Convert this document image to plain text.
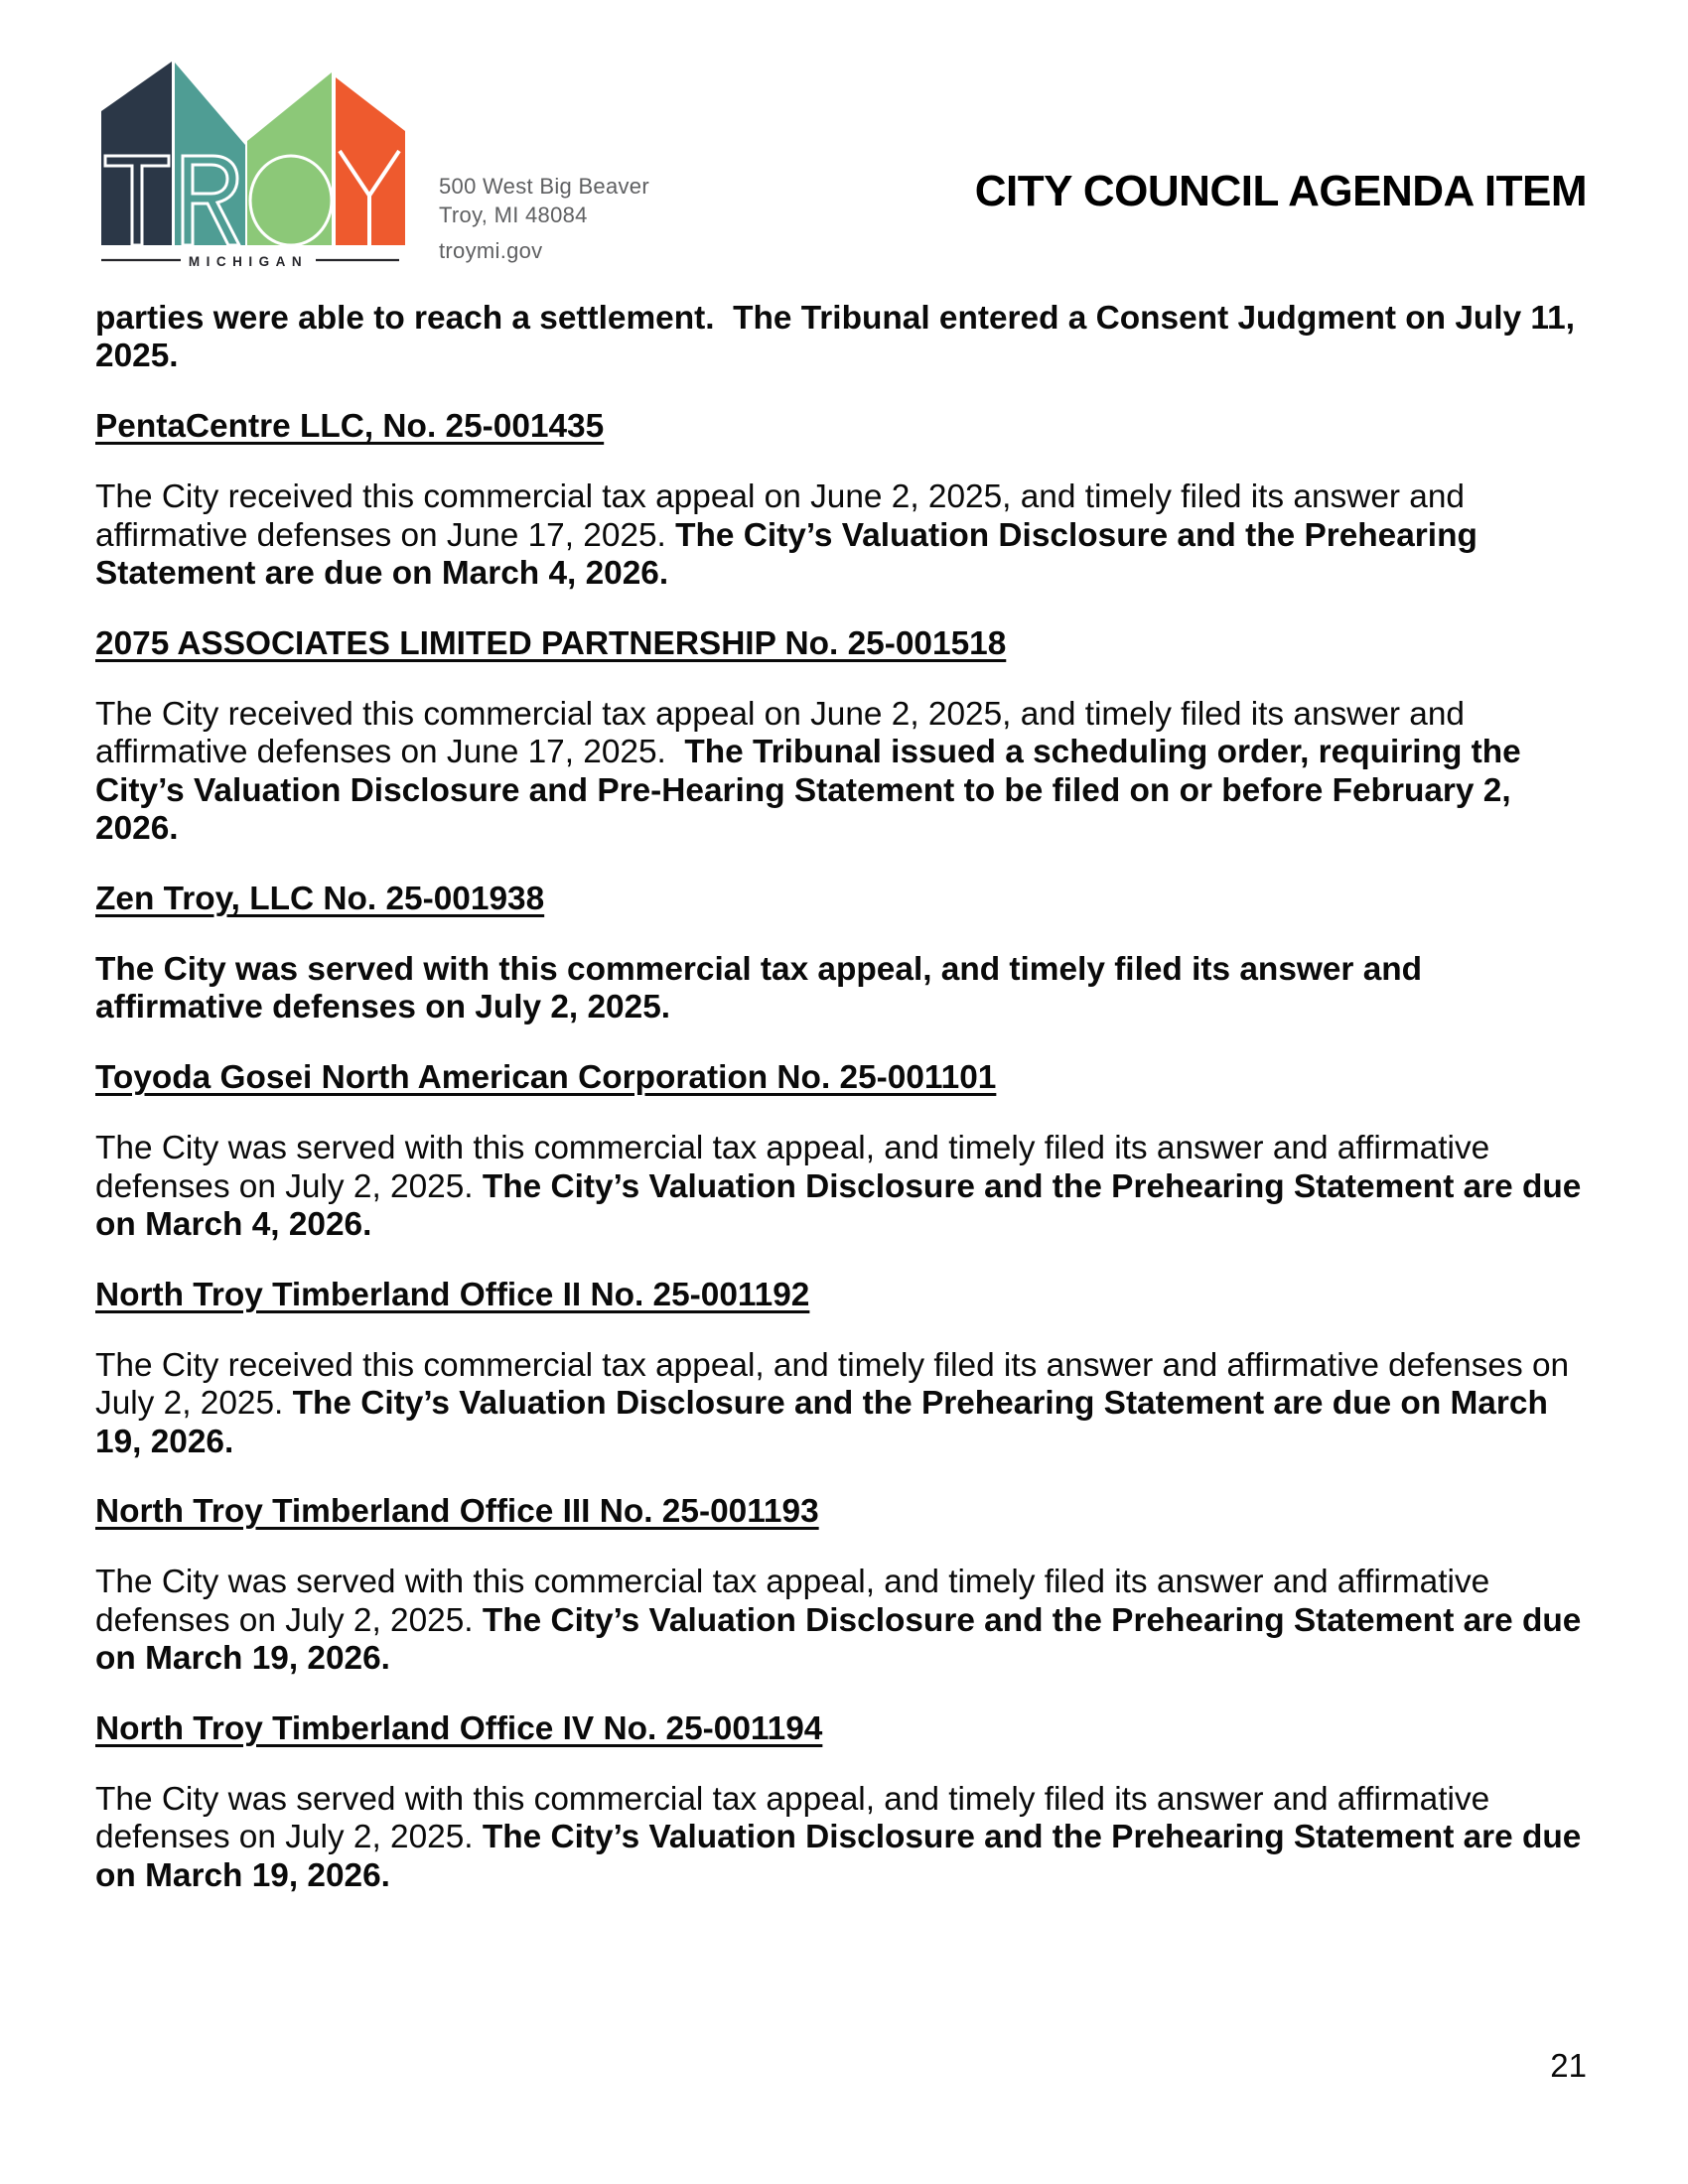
MICHIGAN
500 West Big Beaver
Troy, MI 48084
troymi.gov
CITY COUNCIL AGENDA ITEM
parties were able to reach a settlement.  The Tribunal entered a Consent Judgment on July 11, 2025.
PentaCentre LLC, No. 25-001435
The City received this commercial tax appeal on June 2, 2025, and timely filed its answer and affirmative defenses on June 17, 2025. The City’s Valuation Disclosure and the Prehearing Statement are due on March 4, 2026.
2075 ASSOCIATES LIMITED PARTNERSHIP No. 25-001518
The City received this commercial tax appeal on June 2, 2025, and timely filed its answer and affirmative defenses on June 17, 2025.  The Tribunal issued a scheduling order, requiring the City’s Valuation Disclosure and Pre-Hearing Statement to be filed on or before February 2, 2026.
Zen Troy, LLC No. 25-001938
The City was served with this commercial tax appeal, and timely filed its answer and affirmative defenses on July 2, 2025.
Toyoda Gosei North American Corporation No. 25-001101
The City was served with this commercial tax appeal, and timely filed its answer and affirmative defenses on July 2, 2025. The City’s Valuation Disclosure and the Prehearing Statement are due on March 4, 2026.
North Troy Timberland Office II No. 25-001192
The City received this commercial tax appeal, and timely filed its answer and affirmative defenses on July 2, 2025. The City’s Valuation Disclosure and the Prehearing Statement are due on March 19, 2026.
North Troy Timberland Office III No. 25-001193
The City was served with this commercial tax appeal, and timely filed its answer and affirmative defenses on July 2, 2025. The City’s Valuation Disclosure and the Prehearing Statement are due on March 19, 2026.
North Troy Timberland Office IV No. 25-001194
The City was served with this commercial tax appeal, and timely filed its answer and affirmative defenses on July 2, 2025. The City’s Valuation Disclosure and the Prehearing Statement are due on March 19, 2026.
21
